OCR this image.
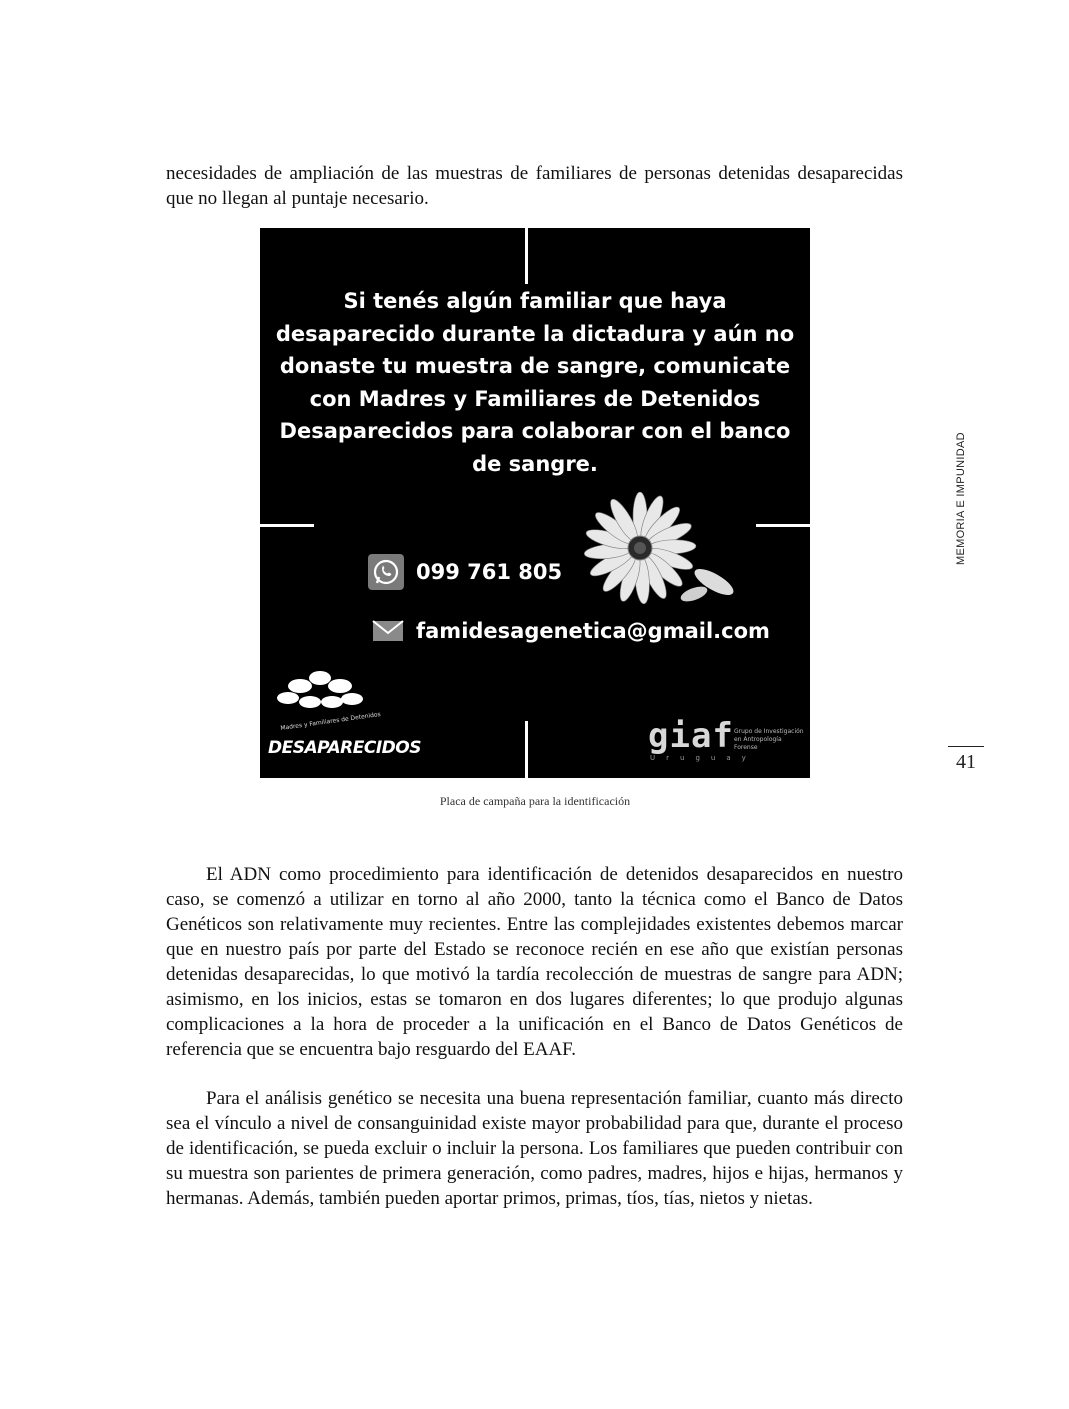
necesidades de ampliación de las muestras de familiares de personas detenidas desaparecidas que no llegan al puntaje necesario.

Si tenés algún familiar que haya desaparecido durante la dictadura y aún no donaste tu muestra de sangre, comunicate con Madres y Familiares de Detenidos Desaparecidos para colaborar con el banco de sangre.

099 761 805
famidesagenetica@gmail.com
Madres y Familiares de Detenidos
DESAPARECIDOS	giaf Grupo de Investigación en Antropología Forense
Uruguay
Placa de campaña para la identificación

El ADN como procedimiento para identificación de detenidos desaparecidos en nuestro caso, se comenzó a utilizar en torno al año 2000, tanto la técnica como el Banco de Datos Genéticos son relativamente muy recientes. Entre las complejidades existentes debemos marcar que en nuestro país por parte del Estado se reconoce recién en ese año que existían personas detenidas desaparecidas, lo que motivó la tardía recolección de muestras de sangre para ADN; asimismo, en los inicios, estas se tomaron en dos lugares diferentes; lo que produjo algunas complicaciones a la hora de proceder a la unificación en el Banco de Datos Genéticos de referencia que se encuentra bajo resguardo del EAAF.

Para el análisis genético se necesita una buena representación familiar, cuanto más directo sea el vínculo a nivel de consanguinidad existe mayor probabilidad para que, durante el proceso de identificación, se pueda excluir o incluir la persona. Los familiares que pueden contribuir con su muestra son parientes de primera generación, como padres, madres, hijos e hijas, hermanos y hermanas. Además, también pueden aportar primos, primas, tíos, tías, nietos y nietas.

MEMORIA E IMPUNIDAD
41
